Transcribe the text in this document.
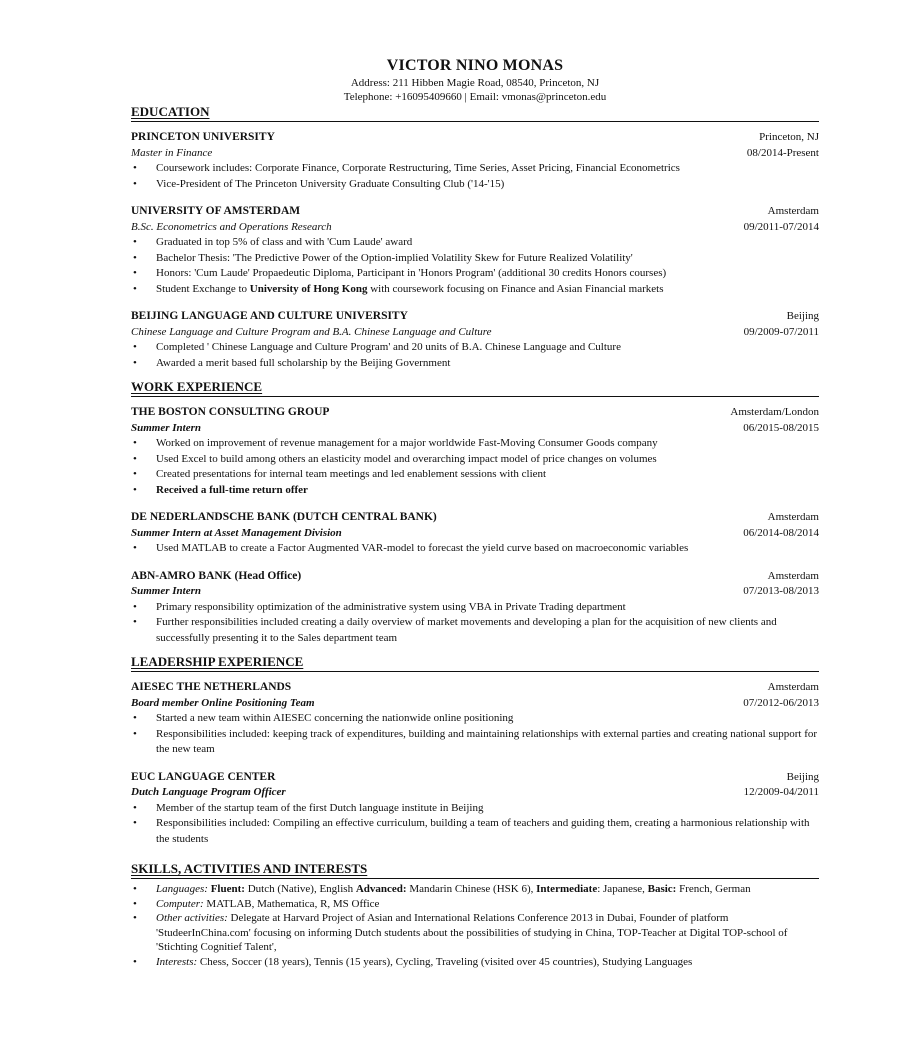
VICTOR NINO MONAS
Address: 211 Hibben Magie Road, 08540, Princeton, NJ
Telephone: +16095409660 | Email: vmonas@princeton.edu
EDUCATION
PRINCETON UNIVERSITY	Princeton, NJ
Master in Finance	08/2014-Present
• Coursework includes: Corporate Finance, Corporate Restructuring, Time Series, Asset Pricing, Financial Econometrics
• Vice-President of The Princeton University Graduate Consulting Club ('14-'15)
UNIVERSITY OF AMSTERDAM	Amsterdam
B.Sc. Econometrics and Operations Research	09/2011-07/2014
• Graduated in top 5% of class and with 'Cum Laude' award
• Bachelor Thesis: 'The Predictive Power of the Option-implied Volatility Skew for Future Realized Volatility'
• Honors: 'Cum Laude' Propaedeutic Diploma, Participant in 'Honors Program' (additional 30 credits Honors courses)
• Student Exchange to University of Hong Kong with coursework focusing on Finance and Asian Financial markets
BEIJING LANGUAGE AND CULTURE UNIVERSITY	Beijing
Chinese Language and Culture Program and B.A. Chinese Language and Culture	09/2009-07/2011
• Completed ' Chinese Language and Culture Program' and 20 units of B.A. Chinese Language and Culture
• Awarded a merit based full scholarship by the Beijing Government
WORK EXPERIENCE
THE BOSTON CONSULTING GROUP	Amsterdam/London
Summer Intern	06/2015-08/2015
• Worked on improvement of revenue management for a major worldwide Fast-Moving Consumer Goods company
• Used Excel to build among others an elasticity model and overarching impact model of price changes on volumes
• Created presentations for internal team meetings and led enablement sessions with client
• Received a full-time return offer
DE NEDERLANDSCHE BANK (DUTCH CENTRAL BANK)	Amsterdam
Summer Intern at Asset Management Division	06/2014-08/2014
• Used MATLAB to create a Factor Augmented VAR-model to forecast the yield curve based on macroeconomic variables
ABN-AMRO BANK (Head Office)	Amsterdam
Summer Intern	07/2013-08/2013
• Primary responsibility optimization of the administrative system using VBA in Private Trading department
• Further responsibilities included creating a daily overview of market movements and developing a plan for the acquisition of new clients and successfully presenting it to the Sales department team
LEADERSHIP EXPERIENCE
AIESEC THE NETHERLANDS	Amsterdam
Board member Online Positioning Team	07/2012-06/2013
• Started a new team within AIESEC concerning the nationwide online positioning
• Responsibilities included: keeping track of expenditures, building and maintaining relationships with external parties and creating national support for the new team
EUC LANGUAGE CENTER	Beijing
Dutch Language Program Officer	12/2009-04/2011
• Member of the startup team of the first Dutch language institute in Beijing
• Responsibilities included: Compiling an effective curriculum, building a team of teachers and guiding them, creating a harmonious relationship with the students
SKILLS, ACTIVITIES AND INTERESTS
• Languages: Fluent: Dutch (Native), English Advanced: Mandarin Chinese (HSK 6), Intermediate: Japanese, Basic: French, German
• Computer: MATLAB, Mathematica, R, MS Office
• Other activities: Delegate at Harvard Project of Asian and International Relations Conference 2013 in Dubai, Founder of platform 'StudeerInChina.com' focusing on informing Dutch students about the possibilities of studying in China, TOP-Teacher at Digital TOP-school of 'Stichting Cognitief Talent',
• Interests: Chess, Soccer (18 years), Tennis (15 years), Cycling, Traveling (visited over 45 countries), Studying Languages
